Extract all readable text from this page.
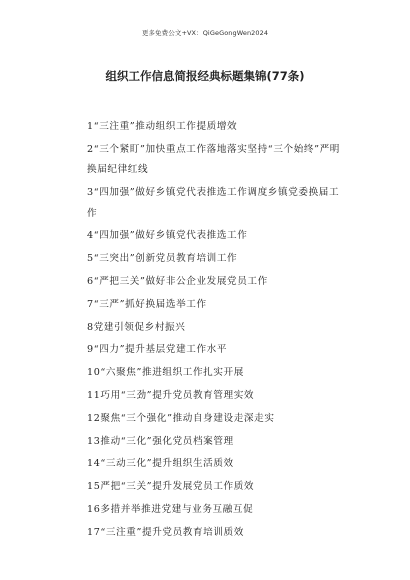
更多免费公文+VX：QiGeGongWen2024
组织工作信息简报经典标题集锦(77条)
1“三注重”推动组织工作提质增效
2“三个紧盯”加快重点工作落地落实坚持“三个始终”严明换届纪律红线
3“四加强”做好乡镇党代表推选工作调度乡镇党委换届工作
4“四加强”做好乡镇党代表推选工作
5“三突出”创新党员教育培训工作
6“严把三关”做好非公企业发展党员工作
7“三严”抓好换届选举工作
8党建引领促乡村振兴
9“四力”提升基层党建工作水平
10“六聚焦”推进组织工作扎实开展
11巧用“三劲”提升党员教育管理实效
12聚焦“三个强化”推动自身建设走深走实
13推动“三化”强化党员档案管理
14“三动三化”提升组织生活质效
15严把“三关”提升发展党员工作质效
16多措并举推进党建与业务互融互促
17“三注重”提升党员教育培训质效
